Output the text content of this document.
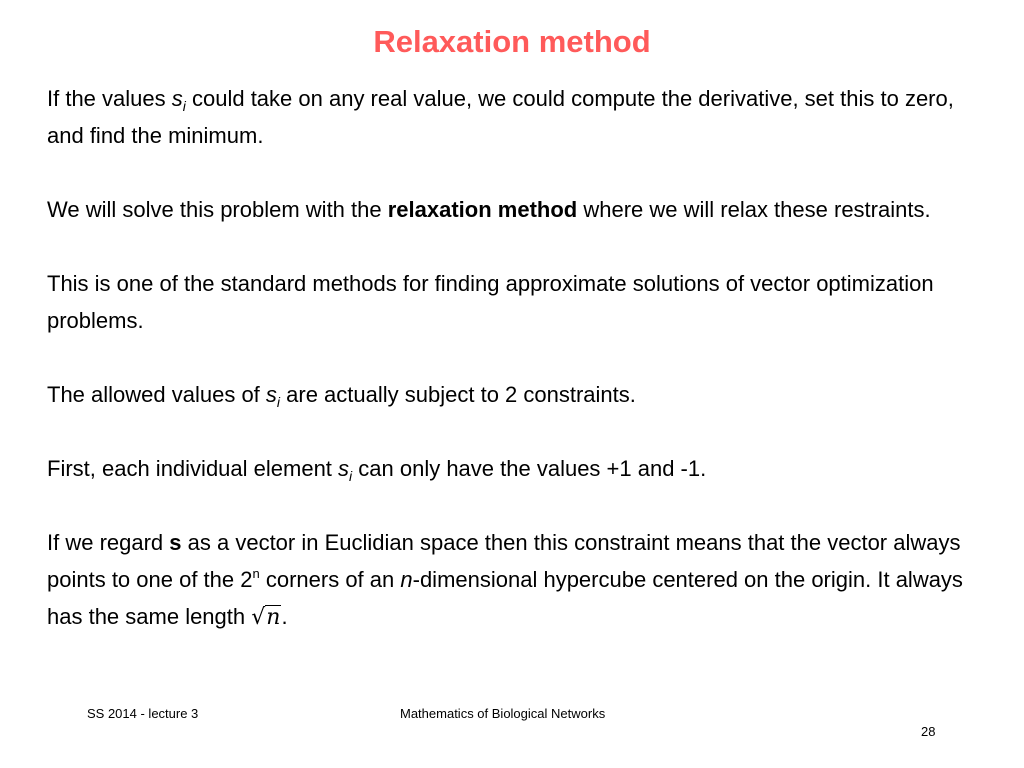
Relaxation method

If the values $s_i$ could take on any real value, we could compute the derivative, set this to zero, and find the minimum.

We will solve this problem with the relaxation method where we will relax these restraints.

This is one of the standard methods for finding approximate solutions of vector optimization problems.

The allowed values of $s_i$ are actually subject to 2 constraints.

First, each individual element $s_i$ can only have the values +1 and -1.

If we regard s as a vector in Euclidian space then this constraint means that the vector always points to one of the 2$^n$ corners of an n-dimensional hypercube centered on the origin. It always has the same length √n.

SS 2014 - lecture 3	Mathematics of Biological Networks
28
